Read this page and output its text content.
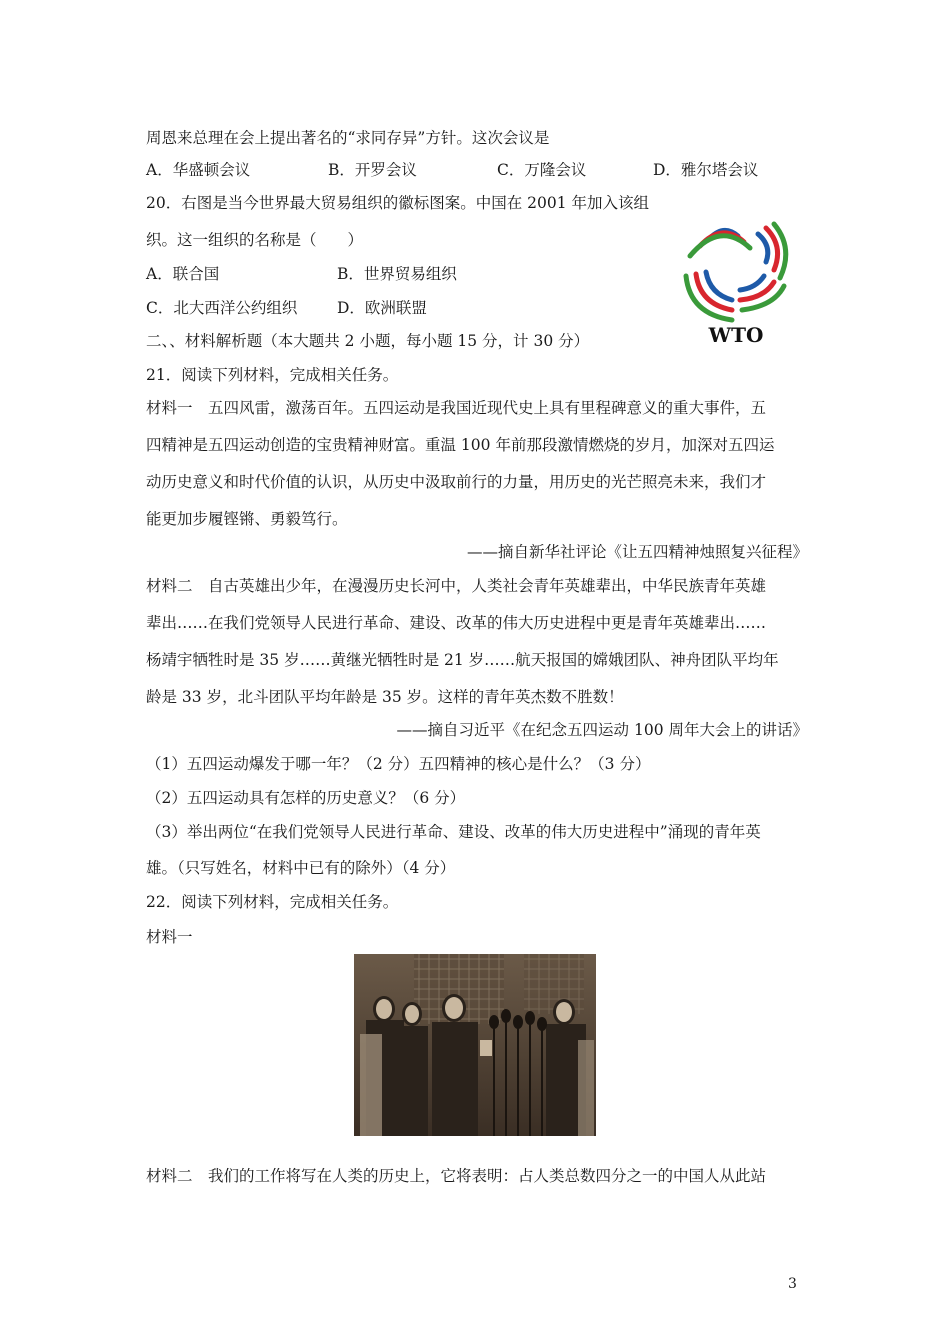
周恩来总理在会上提出著名的“求同存异”方针。这次会议是
A．华盛顿会议	B．开罗会议	C．万隆会议	D．雅尔塔会议
20．右图是当今世界最大贸易组织的徽标图案。中国在 2001 年加入该组
织。这一组织的名称是（　　）
A．联合国	B．世界贸易组织
C．北大西洋公约组织	D．欧洲联盟
WTO
二、、材料解析题（本大题共 2 小题，每小题 15 分，计 30 分）
21．阅读下列材料，完成相关任务。
材料一　五四风雷，激荡百年。五四运动是我国近现代史上具有里程碑意义的重大事件，五
四精神是五四运动创造的宝贵精神财富。重温 100 年前那段激情燃烧的岁月，加深对五四运
动历史意义和时代价值的认识，从历史中汲取前行的力量，用历史的光芒照亮未来，我们才
能更加步履铿锵、勇毅笃行。
——摘自新华社评论《让五四精神烛照复兴征程》
材料二　自古英雄出少年，在漫漫历史长河中，人类社会青年英雄辈出，中华民族青年英雄
辈出……在我们党领导人民进行革命、建设、改革的伟大历史进程中更是青年英雄辈出……
杨靖宇牺牲时是 35 岁……黄继光牺牲时是 21 岁……航天报国的嫦娥团队、神舟团队平均年
龄是 33 岁，北斗团队平均年龄是 35 岁。这样的青年英杰数不胜数！
——摘自习近平《在纪念五四运动 100 周年大会上的讲话》
（1）五四运动爆发于哪一年？（2 分）五四精神的核心是什么？（3 分）
（2）五四运动具有怎样的历史意义？（6 分）
（3）举出两位“在我们党领导人民进行革命、建设、改革的伟大历史进程中”涌现的青年英
雄。（只写姓名，材料中已有的除外）（4 分）
22．阅读下列材料，完成相关任务。
材料一
材料二　我们的工作将写在人类的历史上，它将表明：占人类总数四分之一的中国人从此站
3
